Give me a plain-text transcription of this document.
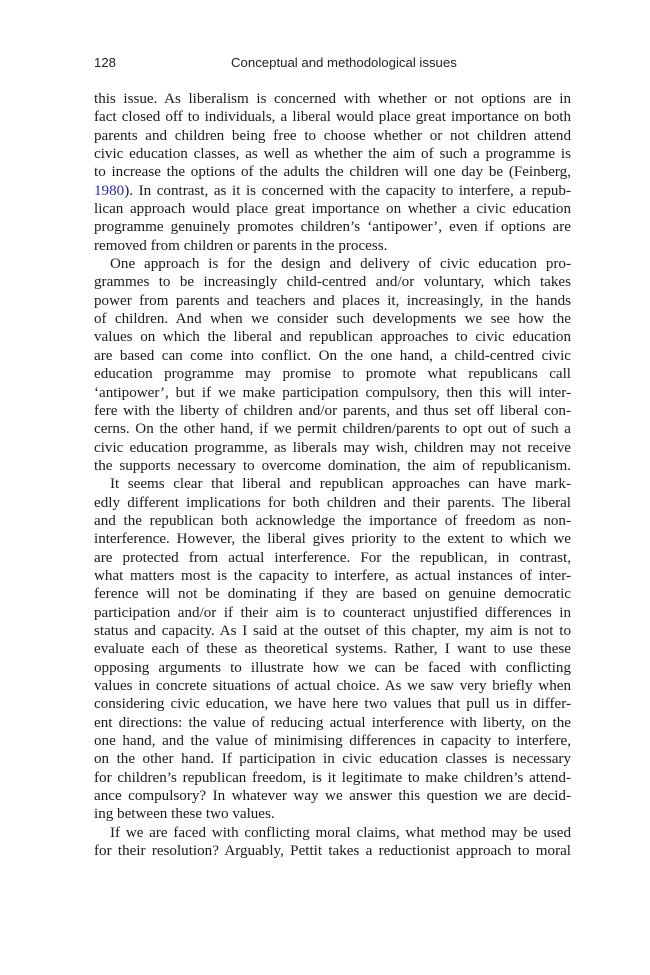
128	Conceptual and methodological issues
this issue. As liberalism is concerned with whether or not options are in
fact closed off to individuals, a liberal would place great importance on both
parents and children being free to choose whether or not children attend
civic education classes, as well as whether the aim of such a programme is
to increase the options of the adults the children will one day be (Feinberg,
1980). In contrast, as it is concerned with the capacity to interfere, a repub-
lican approach would place great importance on whether a civic education
programme genuinely promotes children’s ‘antipower’, even if options are
removed from children or parents in the process.
One approach is for the design and delivery of civic education pro-
grammes to be increasingly child-centred and/or voluntary, which takes
power from parents and teachers and places it, increasingly, in the hands
of children. And when we consider such developments we see how the
values on which the liberal and republican approaches to civic education
are based can come into conflict. On the one hand, a child-centred civic
education programme may promise to promote what republicans call
‘antipower’, but if we make participation compulsory, then this will inter-
fere with the liberty of children and/or parents, and thus set off liberal con-
cerns. On the other hand, if we permit children/parents to opt out of such a
civic education programme, as liberals may wish, children may not receive
the supports necessary to overcome domination, the aim of republicanism.
It seems clear that liberal and republican approaches can have mark-
edly different implications for both children and their parents. The liberal
and the republican both acknowledge the importance of freedom as non-
interference. However, the liberal gives priority to the extent to which we
are protected from actual interference. For the republican, in contrast,
what matters most is the capacity to interfere, as actual instances of inter-
ference will not be dominating if they are based on genuine democratic
participation and/or if their aim is to counteract unjustified differences in
status and capacity. As I said at the outset of this chapter, my aim is not to
evaluate each of these as theoretical systems. Rather, I want to use these
opposing arguments to illustrate how we can be faced with conflicting
values in concrete situations of actual choice. As we saw very briefly when
considering civic education, we have here two values that pull us in differ-
ent directions: the value of reducing actual interference with liberty, on the
one hand, and the value of minimising differences in capacity to interfere,
on the other hand. If participation in civic education classes is necessary
for children’s republican freedom, is it legitimate to make children’s attend-
ance compulsory? In whatever way we answer this question we are decid-
ing between these two values.
If we are faced with conflicting moral claims, what method may be used
for their resolution? Arguably, Pettit takes a reductionist approach to moral
